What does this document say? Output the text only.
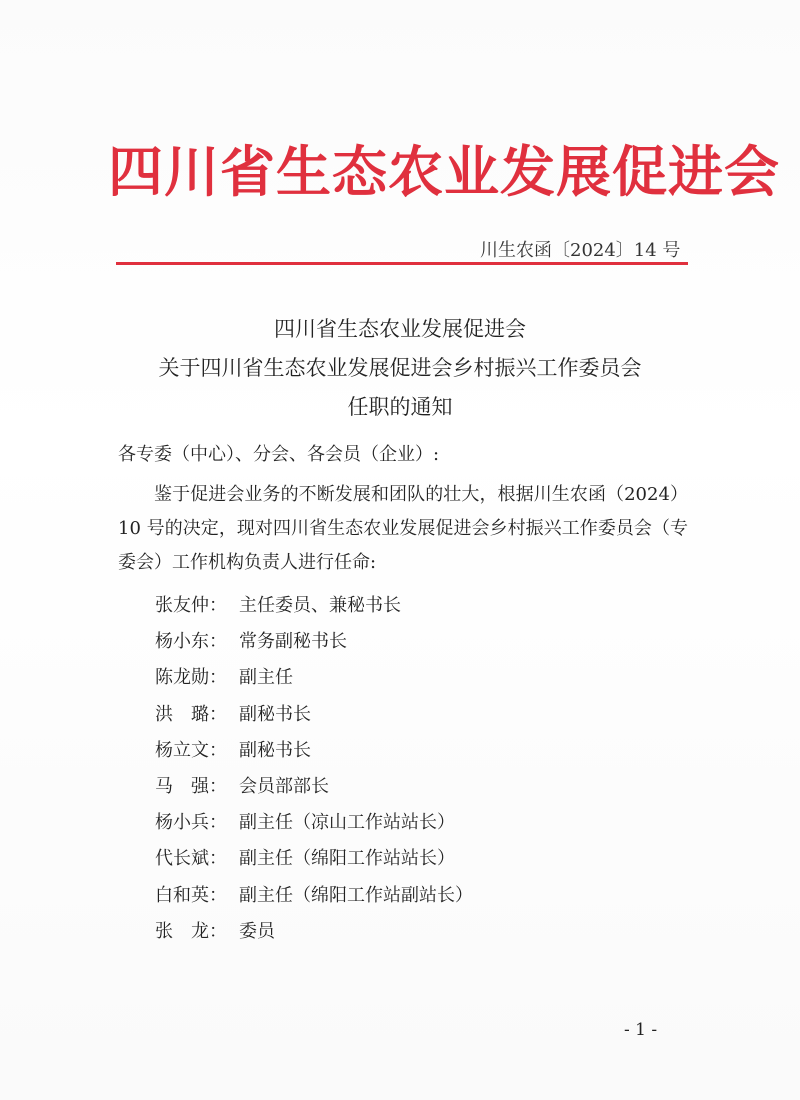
四川省生态农业发展促进会
川生农函〔2024〕14 号
四川省生态农业发展促进会
关于四川省生态农业发展促进会乡村振兴工作委员会
任职的通知
各专委（中心）、分会、各会员（企业）:
鉴于促进会业务的不断发展和团队的壮大，根据川生农函（2024）10 号的决定，现对四川省生态农业发展促进会乡村振兴工作委员会（专委会）工作机构负责人进行任命:
张友仲： 主任委员、兼秘书长
杨小东： 常务副秘书长
陈龙勋： 副主任
洪　璐： 副秘书长
杨立文： 副秘书长
马　强： 会员部部长
杨小兵： 副主任（凉山工作站站长）
代长斌： 副主任（绵阳工作站站长）
白和英： 副主任（绵阳工作站副站长）
张　龙： 委员
- 1 -
